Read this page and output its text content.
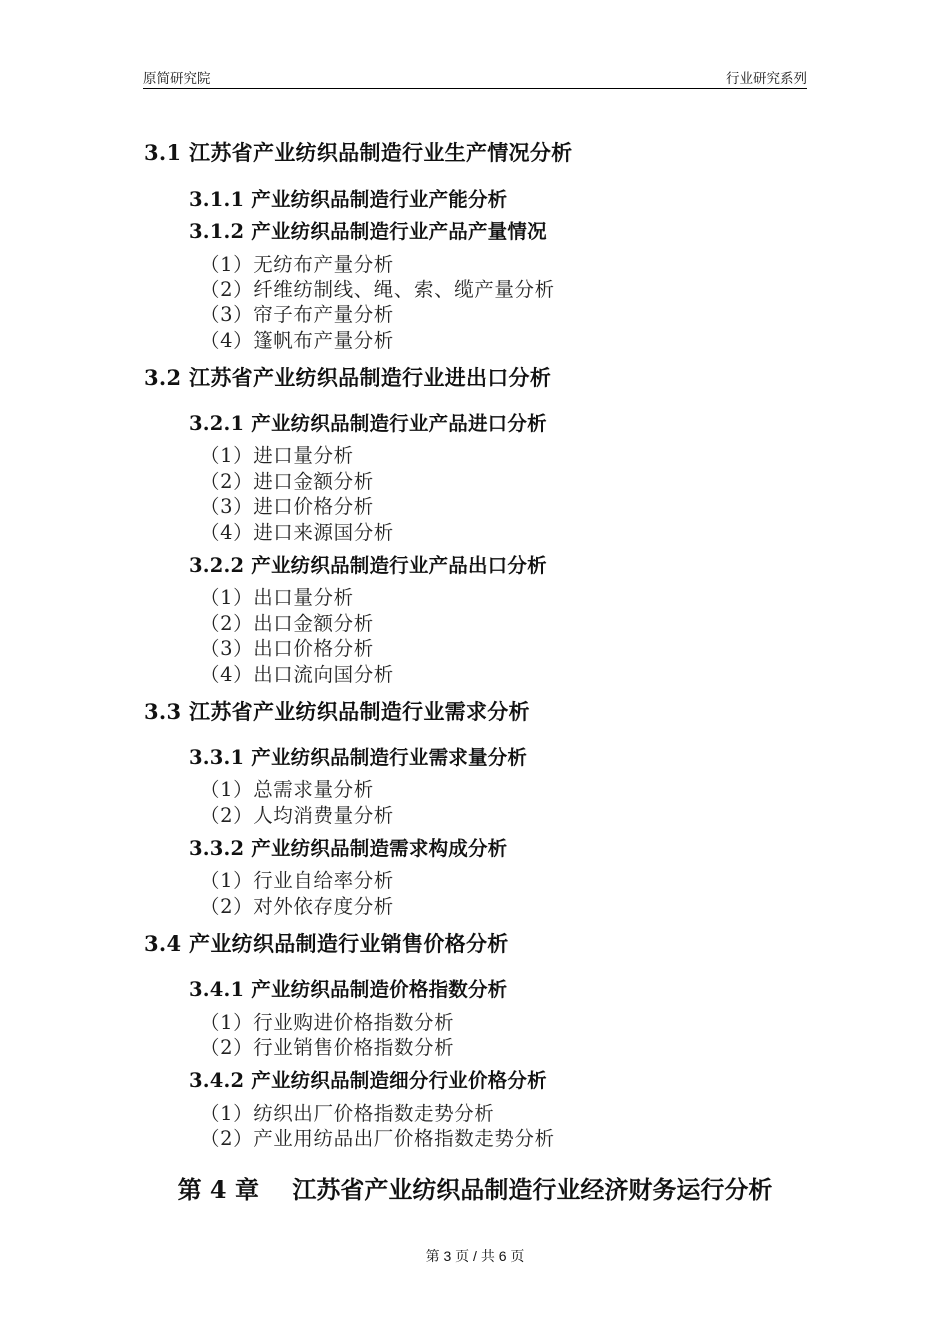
原简研究院	行业研究系列
3.1 江苏省产业纺织品制造行业生产情况分析
3.1.1 产业纺织品制造行业产能分析
3.1.2 产业纺织品制造行业产品产量情况
（1）无纺布产量分析
（2）纤维纺制线、绳、索、缆产量分析
（3）帘子布产量分析
（4）篷帆布产量分析
3.2 江苏省产业纺织品制造行业进出口分析
3.2.1 产业纺织品制造行业产品进口分析
（1）进口量分析
（2）进口金额分析
（3）进口价格分析
（4）进口来源国分析
3.2.2 产业纺织品制造行业产品出口分析
（1）出口量分析
（2）出口金额分析
（3）出口价格分析
（4）出口流向国分析
3.3 江苏省产业纺织品制造行业需求分析
3.3.1 产业纺织品制造行业需求量分析
（1）总需求量分析
（2）人均消费量分析
3.3.2 产业纺织品制造需求构成分析
（1）行业自给率分析
（2）对外依存度分析
3.4 产业纺织品制造行业销售价格分析
3.4.1 产业纺织品制造价格指数分析
（1）行业购进价格指数分析
（2）行业销售价格指数分析
3.4.2 产业纺织品制造细分行业价格分析
（1）纺织出厂价格指数走势分析
（2）产业用纺品出厂价格指数走势分析
第 4 章    江苏省产业纺织品制造行业经济财务运行分析
第 3 页 / 共 6 页
